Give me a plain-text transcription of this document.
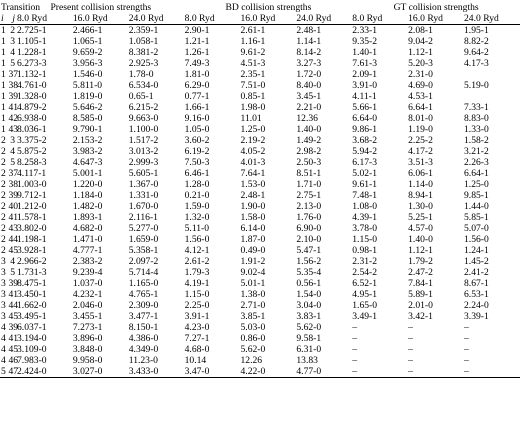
Transition		Present collision strengths			BD collision strengths			GT collision strengths		
i	j	8.0 Ryd	16.0 Ryd	24.0 Ryd	8.0 Ryd	16.0 Ryd	24.0 Ryd	8.0 Ryd	16.0 Ryd	24.0 Ryd
1	2	2.725-1	2.466-1	2.359-1	2.90-1	2.61-1	2.48-1	2.33-1	2.08-1	1.95-1
1	3	1.105-1	1.065-1	1.058-1	1.21-1	1.16-1	1.14-1	9.35-2	9.04-2	8.82-2
1	4	1.228-1	9.659-2	8.381-2	1.26-1	9.61-2	8.14-2	1.40-1	1.12-1	9.64-2
1	5	6.273-3	3.956-3	2.925-3	7.49-3	4.51-3	3.27-3	7.61-3	5.20-3	4.17-3
1	37	1.132-1	1.546-0	1.78-0	1.81-0	2.35-1	1.72-0	2.09-1	2.31-0	
1	38	4.761-0	5.811-0	6.534-0	6.29-0	7.51-0	8.40-0	3.91-0	4.69-0	5.19-0
1	39	1.328-0	1.819-0	0.65-1	0.77-1	0.85-1	3.45-1	4.11-1	4.53-1	
1	41	4.879-2	5.646-2	6.215-2	1.66-1	1.98-0	2.21-0	5.66-1	6.64-1	7.33-1
1	42	6.938-0	8.585-0	9.663-0	9.16-0	11.01	12.36	6.64-0	8.01-0	8.83-0
1	43	8.036-1	9.790-1	1.100-0	1.05-0	1.25-0	1.40-0	9.86-1	1.19-0	1.33-0
2	3	3.375-2	2.153-2	1.517-2	3.60-2	2.19-2	1.49-2	3.68-2	2.25-2	1.58-2
2	4	5.875-2	3.983-2	3.013-2	6.19-2	4.05-2	2.98-2	5.94-2	4.17-2	3.21-2
2	5	8.258-3	4.647-3	2.999-3	7.50-3	4.01-3	2.50-3	6.17-3	3.51-3	2.26-3
2	37	4.117-1	5.001-1	5.605-1	6.46-1	7.64-1	8.51-1	5.02-1	6.06-1	6.64-1
2	38	1.003-0	1.220-0	1.367-0	1.28-0	1.53-0	1.71-0	9.61-1	1.14-0	1.25-0
2	39	9.712-1	1.184-0	1.331-0	0.21-0	2.48-1	2.75-1	7.48-1	8.94-1	9.85-1
2	40	1.212-0	1.482-0	1.670-0	1.59-0	1.90-0	2.13-0	1.08-0	1.30-0	1.44-0
2	41	1.578-1	1.893-1	2.116-1	1.32-0	1.58-0	1.76-0	4.39-1	5.25-1	5.85-1
2	43	3.802-0	4.682-0	5.277-0	5.11-0	6.14-0	6.90-0	3.78-0	4.57-0	5.07-0
2	44	1.198-1	1.471-0	1.659-0	1.56-0	1.87-0	2.10-0	1.15-0	1.40-0	1.56-0
2	45	3.928-1	4.777-1	5.358-1	4.12-1	0.49-0	5.47-1	0.98-1	1.12-1	1.24-1
3	4	2.966-2	2.383-2	2.097-2	2.61-2	1.91-2	1.56-2	2.31-2	1.79-2	1.45-2
3	5	1.731-3	9.239-4	5.714-4	1.79-3	9.02-4	5.35-4	2.54-2	2.47-2	2.41-2
3	39	8.475-1	1.037-0	1.165-0	4.19-1	5.01-1	0.56-1	6.52-1	7.84-1	8.67-1
3	41	3.450-1	4.232-1	4.765-1	1.15-0	1.38-0	1.54-0	4.95-1	5.89-1	6.53-1
3	44	1.662-0	2.046-0	2.309-0	2.25-0	2.71-0	3.04-0	1.65-0	2.01-0	2.24-0
3	45	3.495-1	3.455-1	3.477-1	3.91-1	3.85-1	3.83-1	3.49-1	3.42-1	3.39-1
4	39	6.037-1	7.273-1	8.150-1	4.23-0	5.03-0	5.62-0	–	–	–
4	41	3.194-0	3.896-0	4.386-0	7.27-1	0.86-0	9.58-1	–	–	–
4	45	3.109-0	3.848-0	4.349-0	4.68-0	5.62-0	6.31-0	–	–	–
4	46	7.983-0	9.958-0	11.23-0	10.14	12.26	13.83	–	–	–
5	47	2.424-0	3.027-0	3.433-0	3.47-0	4.22-0	4.77-0	–	–	–
